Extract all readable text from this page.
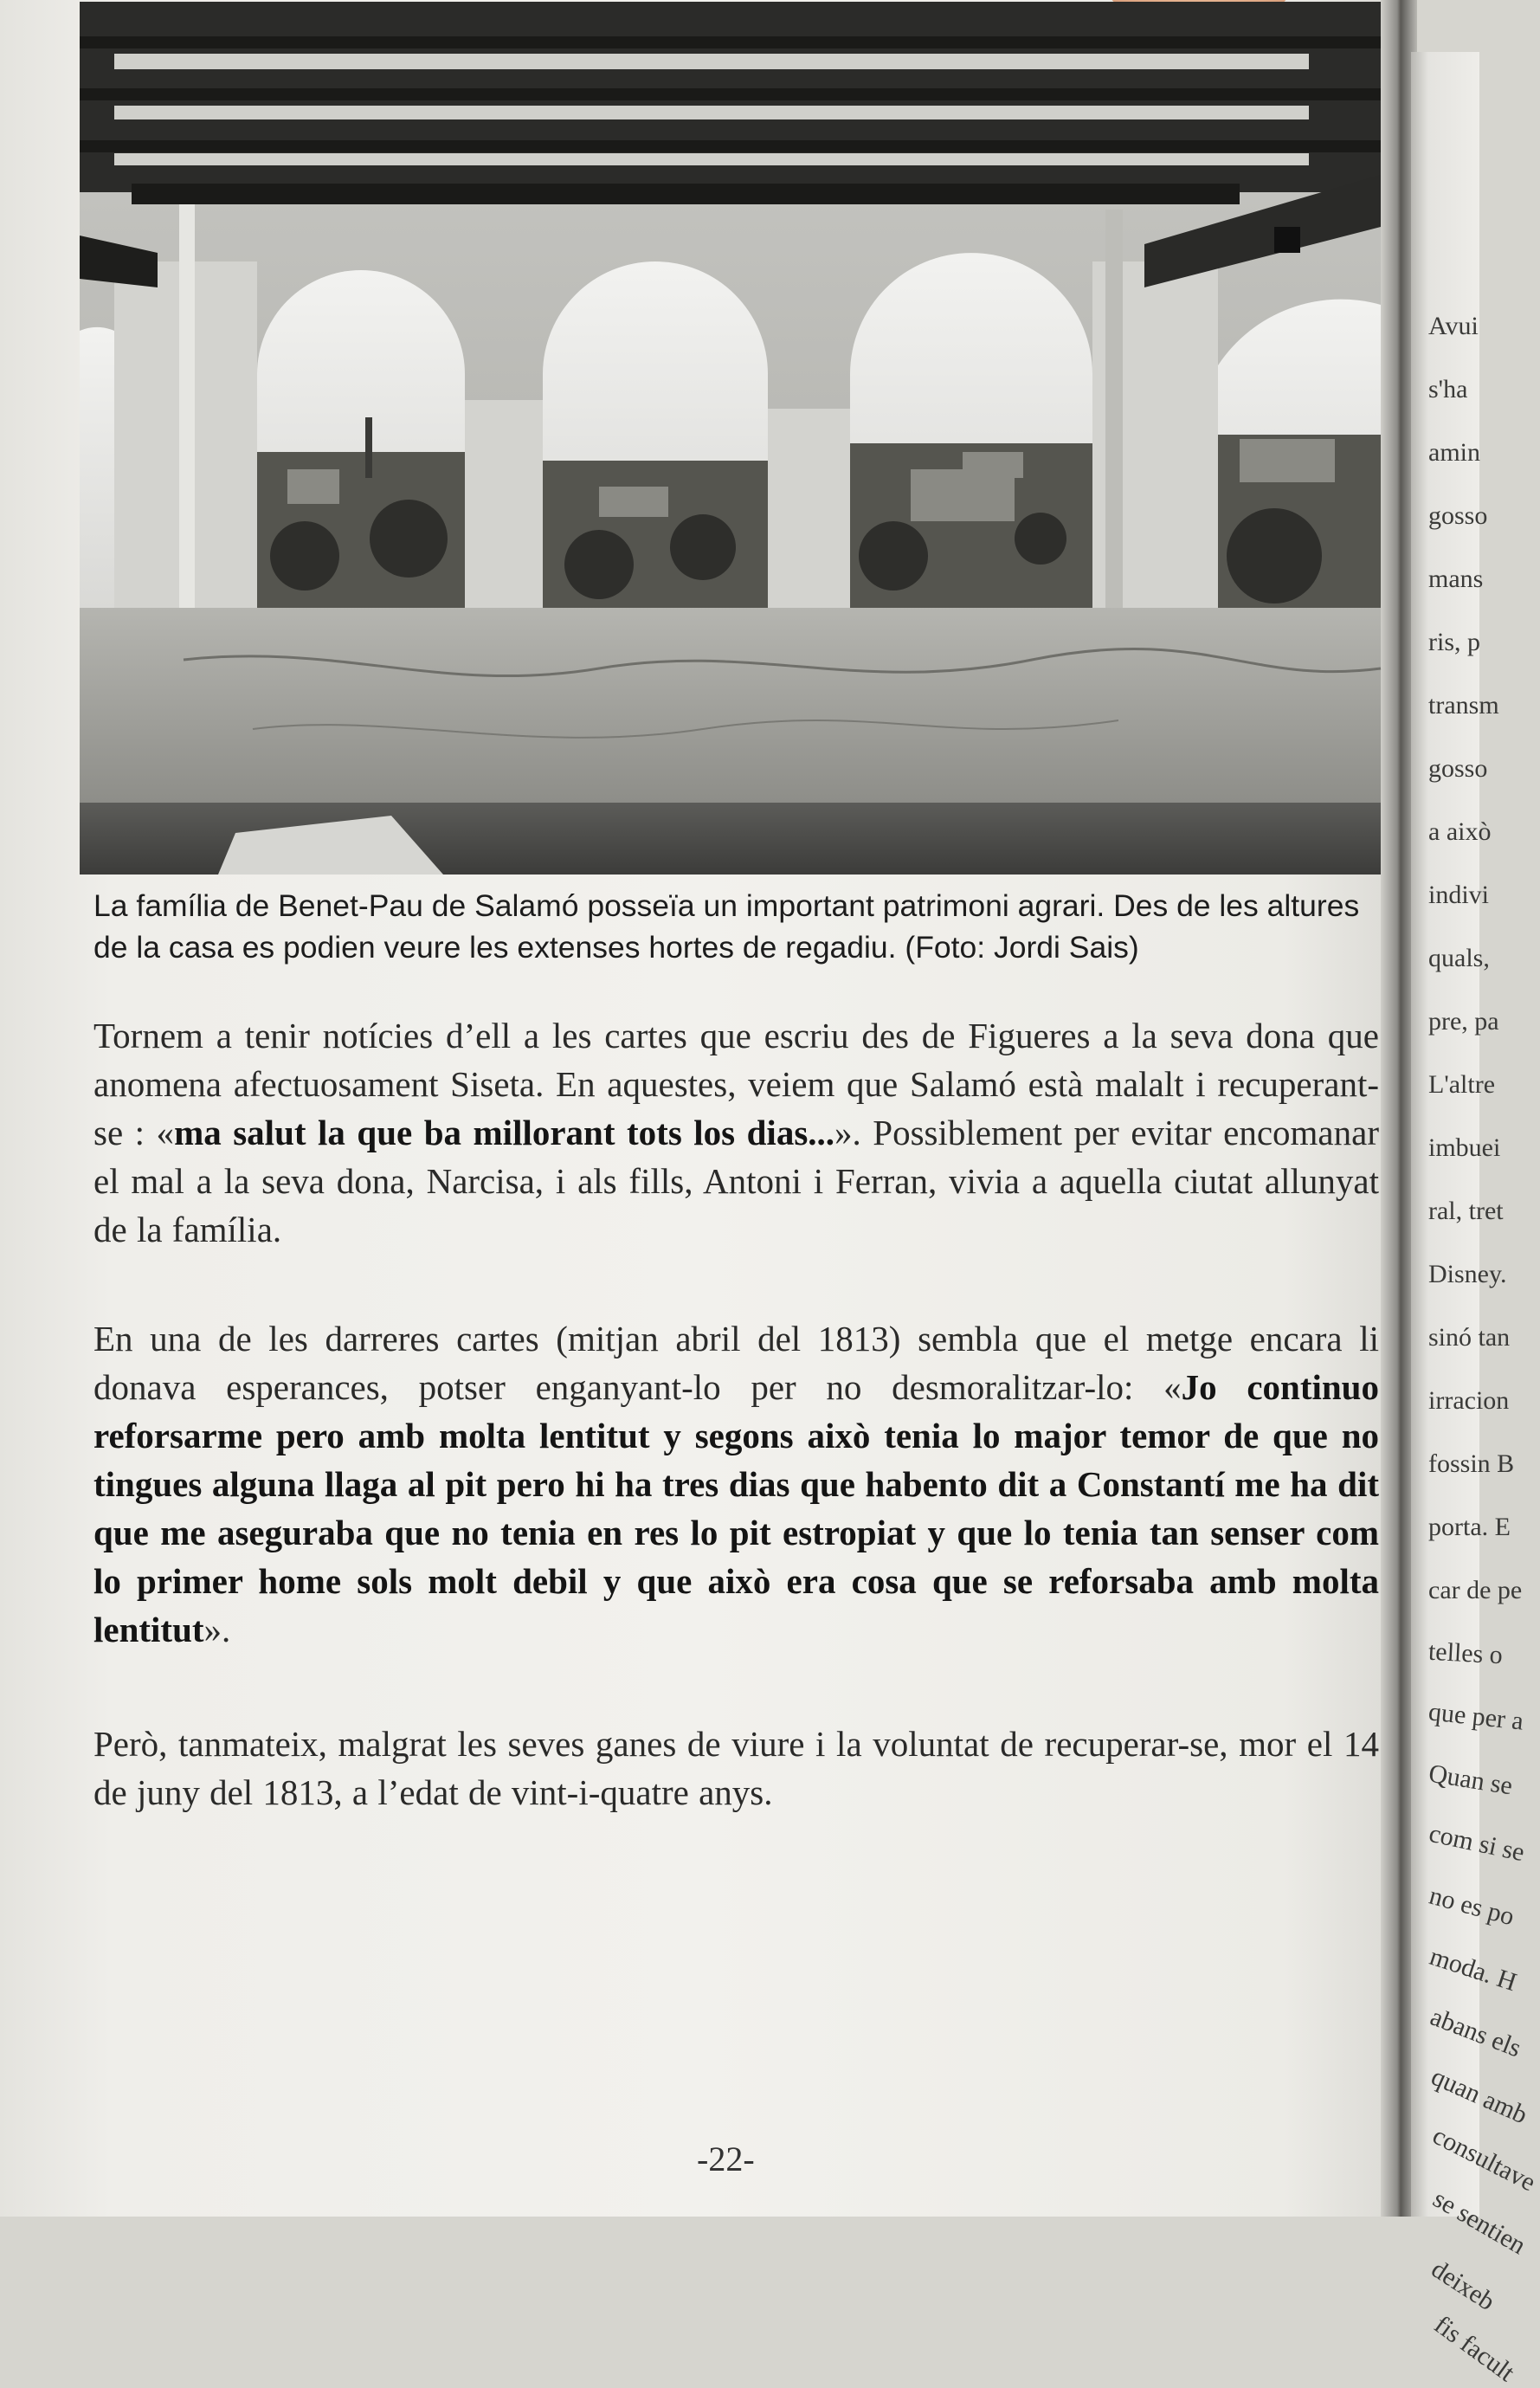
Avui
s'ha
amin
gosso
mans
ris, p
transm
gosso
a això
indivi
quals,
pre, pa
L'altre
imbuei
ral, tret
Disney.
sinó tan
irracion
fossin B
porta. E
car de pe
telles o
que per a
Quan se
com si se
no es po
moda. H
abans els
quan amb
consultave
se sentien
deixeb
fis facult

La família de Benet-Pau de Salamó posseïa un important patrimoni agrari. Des de les altures de la casa es podien veure les extenses hortes de regadiu. (Foto: Jordi Sais)

Tornem a tenir notícies d’ell a les cartes que escriu des de Figueres a la seva dona que anomena afectuosament Siseta. En aquestes, veiem que Salamó està malalt i recuperant-se : «ma salut la que ba millorant tots los dias...». Possiblement per evitar encomanar el mal a la seva dona, Narcisa, i als fills, Antoni i Ferran, vivia a aquella ciutat allunyat de la família.

En una de les darreres cartes (mitjan abril del 1813) sembla que el metge encara li donava esperances, potser enganyant-lo per no desmoralitzar-lo: «Jo continuo reforsarme pero amb molta lentitut y segons això tenia lo major temor de que no tingues alguna llaga al pit pero hi ha tres dias que habento dit a Constantí me ha dit que me aseguraba que no tenia en res lo pit estropiat y que lo tenia tan senser com lo primer home sols molt debil y que això era cosa que se reforsaba amb molta lentitut».

Però, tanmateix, malgrat les seves ganes de viure i la voluntat de recuperar-se, mor el 14 de juny del 1813, a l’edat de vint-i-quatre anys.

-22-
